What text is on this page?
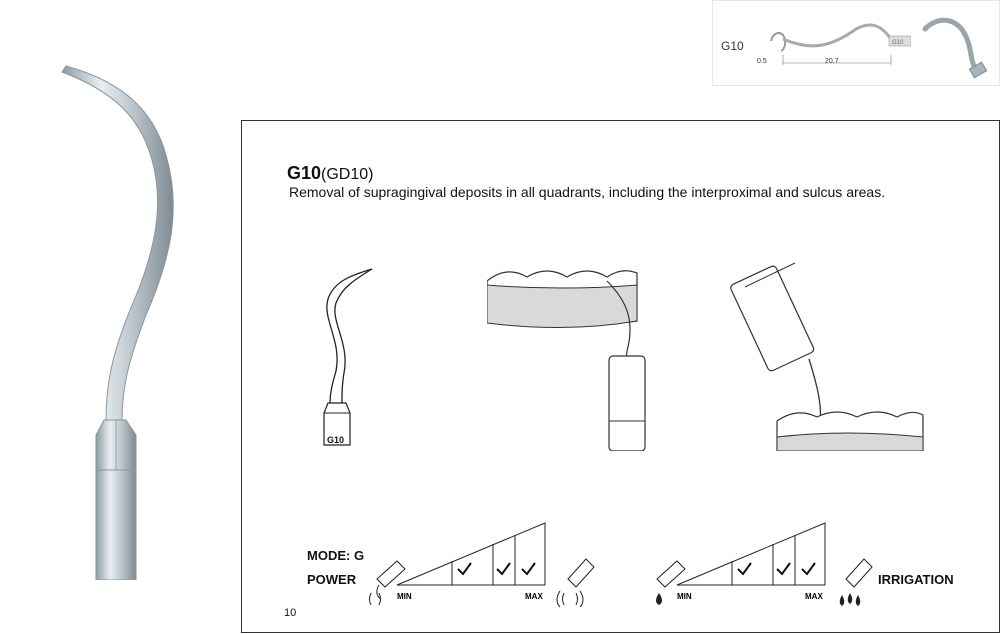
G10	G10
0.5	20.7
G10(GD10)
Removal of supragingival deposits in all quadrants, including the interproximal and sulcus areas.
G10
MODE: G
POWER	IRRIGATION
MIN	MAX	MIN	MAX
10
